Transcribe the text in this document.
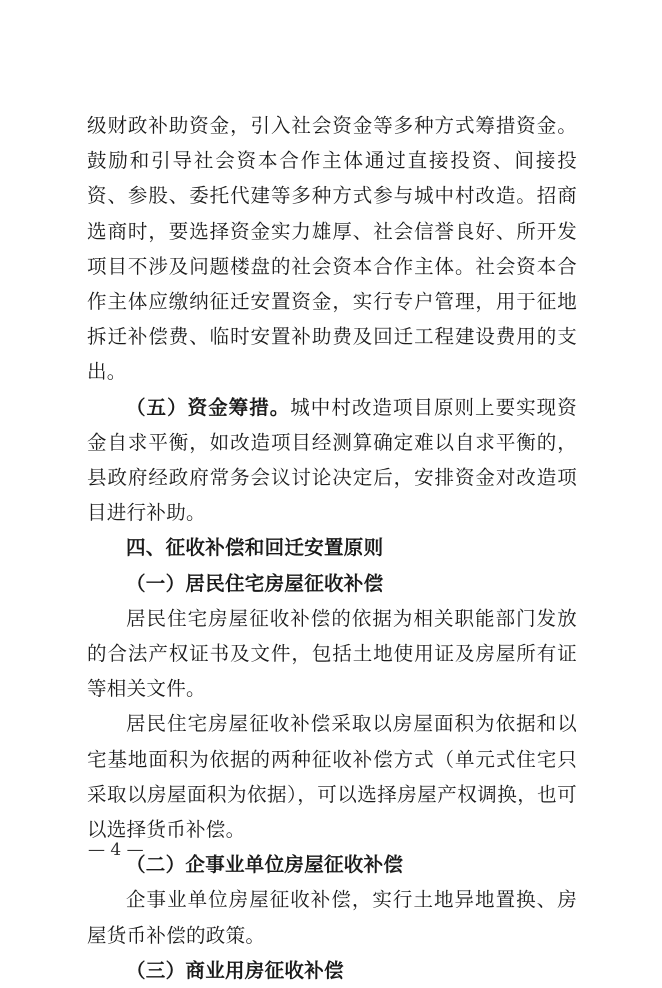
级财政补助资金，引入社会资金等多种方式筹措资金。鼓励和引导社会资本合作主体通过直接投资、间接投资、参股、委托代建等多种方式参与城中村改造。招商选商时，要选择资金实力雄厚、社会信誉良好、所开发项目不涉及问题楼盘的社会资本合作主体。社会资本合作主体应缴纳征迁安置资金，实行专户管理，用于征地拆迁补偿费、临时安置补助费及回迁工程建设费用的支出。

（五）资金筹措。城中村改造项目原则上要实现资金自求平衡，如改造项目经测算确定难以自求平衡的，县政府经政府常务会议讨论决定后，安排资金对改造项目进行补助。

四、征收补偿和回迁安置原则

（一）居民住宅房屋征收补偿

居民住宅房屋征收补偿的依据为相关职能部门发放的合法产权证书及文件，包括土地使用证及房屋所有证等相关文件。

居民住宅房屋征收补偿采取以房屋面积为依据和以宅基地面积为依据的两种征收补偿方式（单元式住宅只采取以房屋面积为依据），可以选择房屋产权调换，也可以选择货币补偿。

（二）企事业单位房屋征收补偿

企事业单位房屋征收补偿，实行土地异地置换、房屋货币补偿的政策。

（三）商业用房征收补偿

— 4 —
